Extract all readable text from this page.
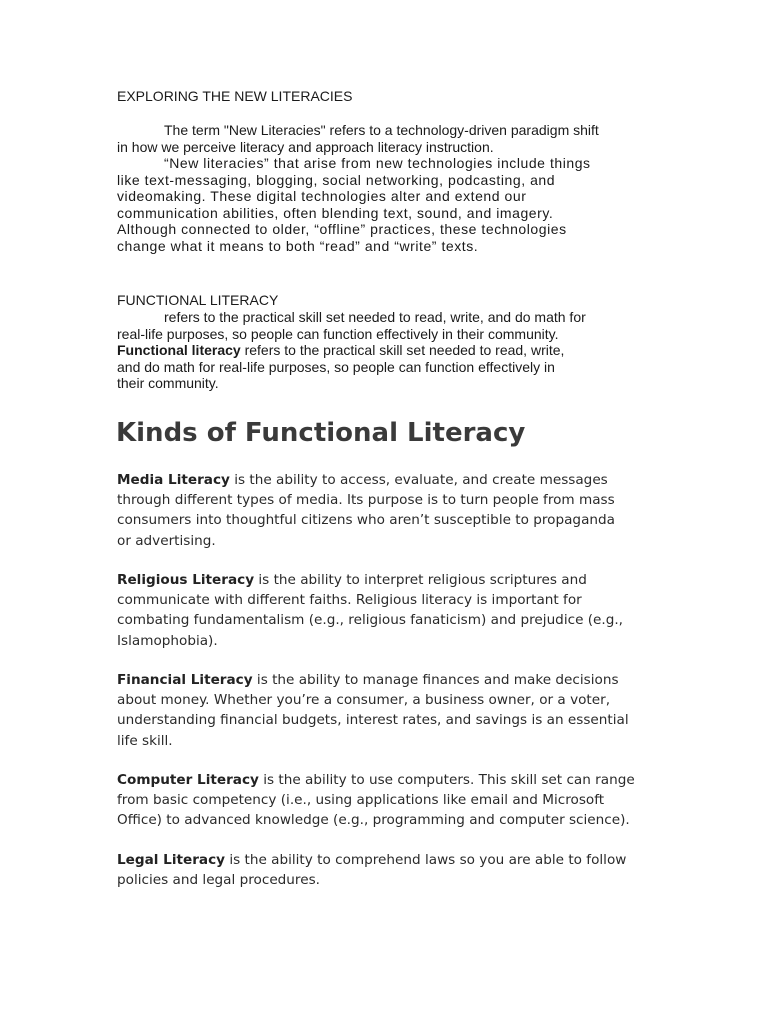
EXPLORING THE NEW LITERACIES
The term "New Literacies" refers to a technology-driven paradigm shift
in how we perceive literacy and approach literacy instruction.
“New literacies” that arise from new technologies include things
like text-messaging, blogging, social networking, podcasting, and
videomaking. These digital technologies alter and extend our
communication abilities, often blending text, sound, and imagery.
Although connected to older, “offline” practices, these technologies
change what it means to both “read” and “write” texts.
FUNCTIONAL LITERACY
refers to the practical skill set needed to read, write, and do math for
real-life purposes, so people can function effectively in their community.
Functional literacy refers to the practical skill set needed to read, write,
and do math for real-life purposes, so people can function effectively in
their community.
Kinds of Functional Literacy
Media Literacy is the ability to access, evaluate, and create messages
through different types of media. Its purpose is to turn people from mass
consumers into thoughtful citizens who aren’t susceptible to propaganda
or advertising.
Religious Literacy is the ability to interpret religious scriptures and
communicate with different faiths. Religious literacy is important for
combating fundamentalism (e.g., religious fanaticism) and prejudice (e.g.,
Islamophobia).
Financial Literacy is the ability to manage finances and make decisions
about money. Whether you’re a consumer, a business owner, or a voter,
understanding financial budgets, interest rates, and savings is an essential
life skill.
Computer Literacy is the ability to use computers. This skill set can range
from basic competency (i.e., using applications like email and Microsoft
Office) to advanced knowledge (e.g., programming and computer science).
Legal Literacy is the ability to comprehend laws so you are able to follow
policies and legal procedures.
